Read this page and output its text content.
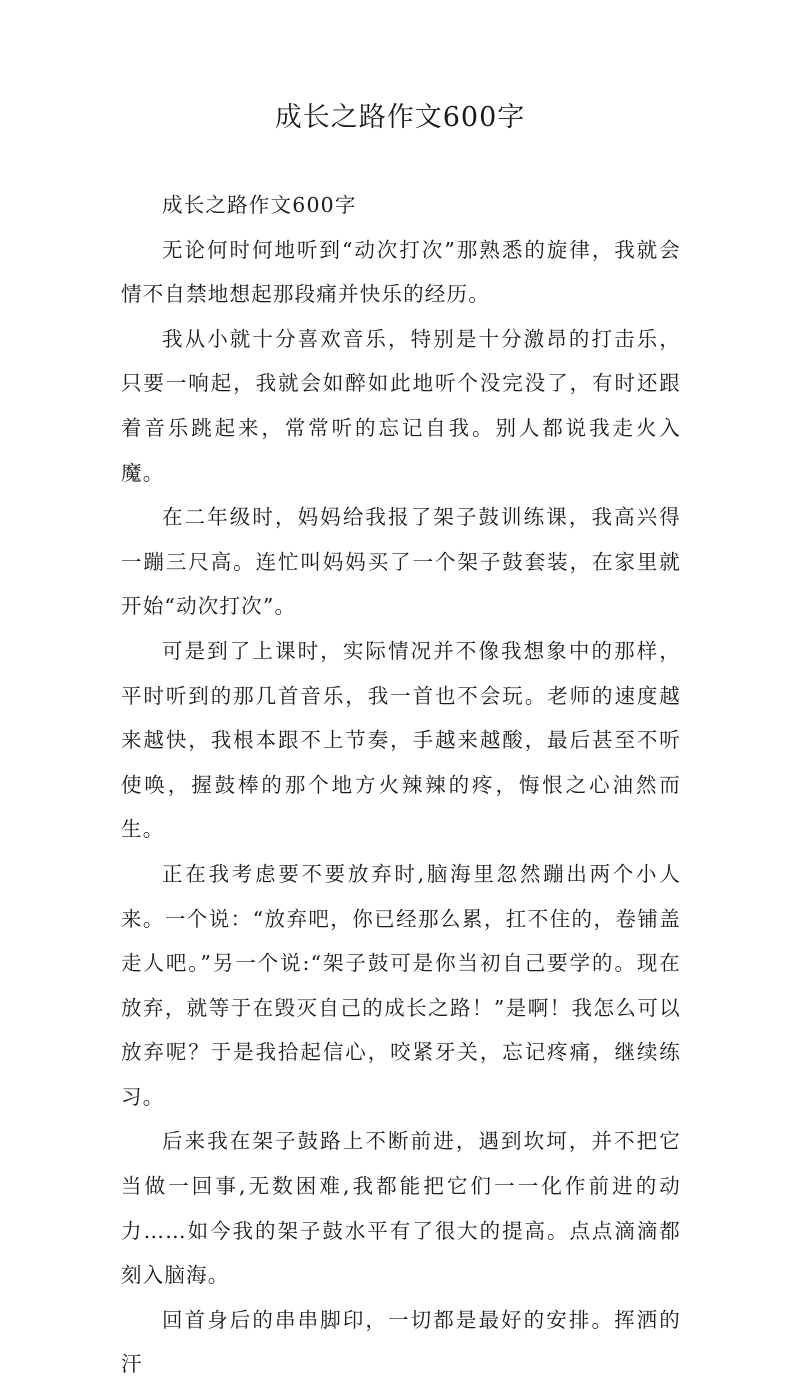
成长之路作文600字

成长之路作文600字

无论何时何地听到“动次打次”那熟悉的旋律，我就会情不自禁地想起那段痛并快乐的经历。

我从小就十分喜欢音乐，特别是十分激昂的打击乐，只要一响起，我就会如醉如此地听个没完没了，有时还跟着音乐跳起来，常常听的忘记自我。别人都说我走火入魔。

在二年级时，妈妈给我报了架子鼓训练课，我高兴得一蹦三尺高。连忙叫妈妈买了一个架子鼓套装，在家里就开始“动次打次”。

可是到了上课时，实际情况并不像我想象中的那样，平时听到的那几首音乐，我一首也不会玩。老师的速度越来越快，我根本跟不上节奏，手越来越酸，最后甚至不听使唤，握鼓棒的那个地方火辣辣的疼，悔恨之心油然而生。

正在我考虑要不要放弃时,脑海里忽然蹦出两个小人来。一个说：“放弃吧，你已经那么累，扛不住的，卷铺盖走人吧。”另一个说:“架子鼓可是你当初自己要学的。现在放弃，就等于在毁灭自己的成长之路！”是啊！我怎么可以放弃呢？于是我拾起信心，咬紧牙关，忘记疼痛，继续练习。

后来我在架子鼓路上不断前进，遇到坎坷，并不把它当做一回事,无数困难,我都能把它们一一化作前进的动力……如今我的架子鼓水平有了很大的提高。点点滴滴都刻入脑海。

回首身后的串串脚印，一切都是最好的安排。挥洒的汗
